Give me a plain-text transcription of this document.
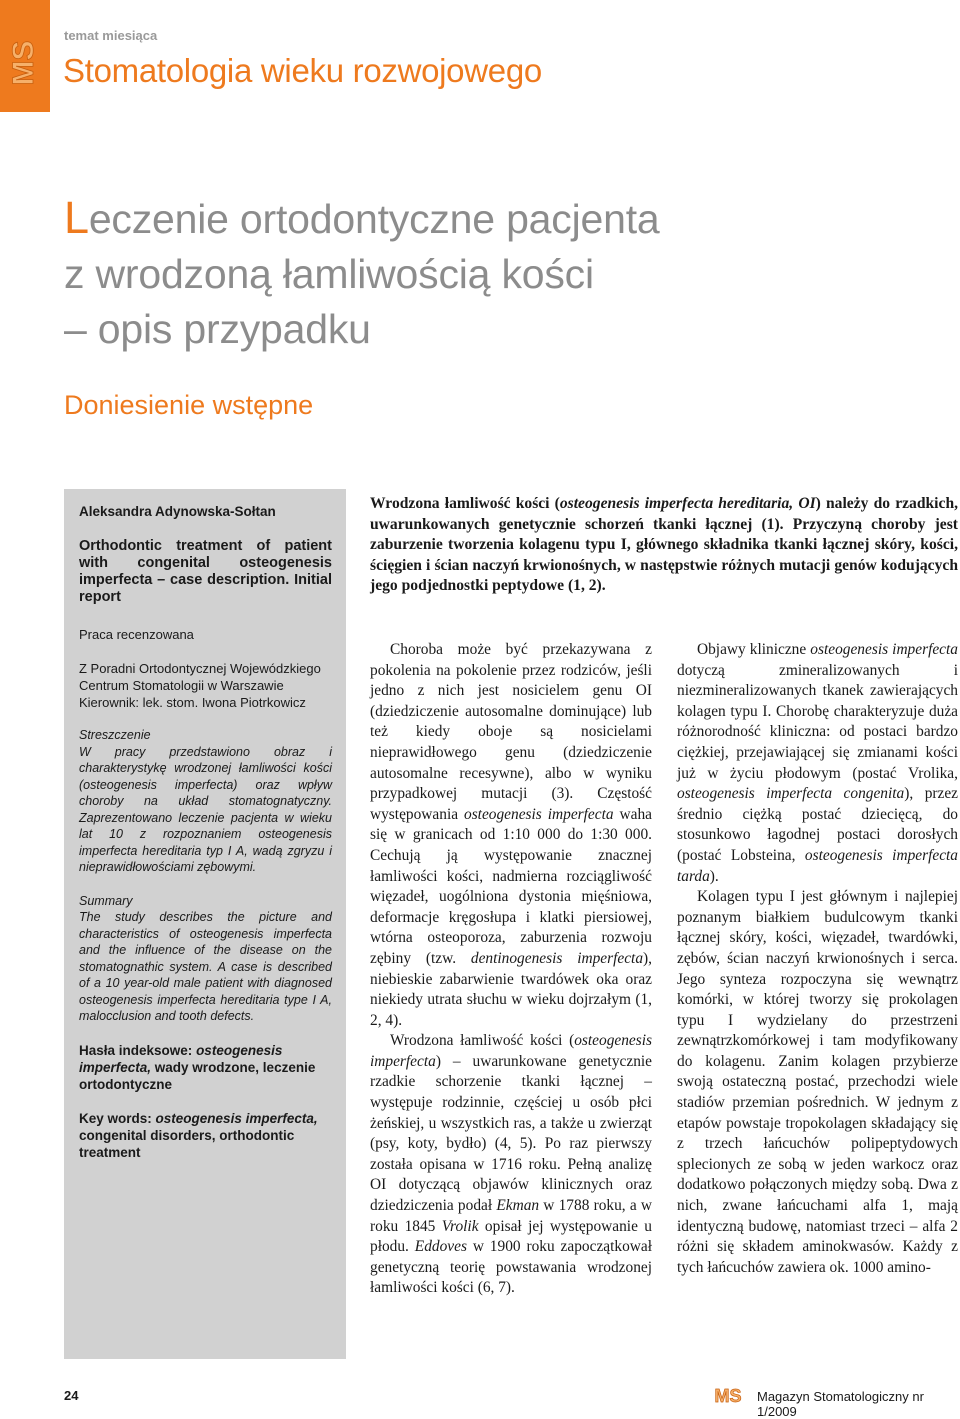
MS
temat miesiąca
Stomatologia wieku rozwojowego
Leczenie ortodontyczne pacjenta
z wrodzoną łamliwością kości
– opis przypadku
Doniesienie wstępne
Aleksandra Adynowska-Sołtan
Orthodontic treatment of patient with congenital osteogenesis imperfecta – case description. Initial report
Praca recenzowana
Z Poradni Ortodontycznej Wojewódzkiego Centrum Stomatologii w Warszawie Kierownik: lek. stom. Iwona Piotrkowicz
Streszczenie
W pracy przedstawiono obraz i charakterystykę wrodzonej łamliwości kości (osteogenesis imperfecta) oraz wpływ choroby na układ stomatognatyczny. Zaprezentowano leczenie pacjenta w wieku lat 10 z rozpoznaniem osteogenesis imperfecta hereditaria typ I A, wadą zgryzu i nieprawidłowościami zębowymi.
Summary
The study describes the picture and characteristics of osteogenesis imperfecta and the influence of the disease on the stomatognathic system. A case is described of a 10 year-old male patient with diagnosed osteogenesis imperfecta hereditaria type I A, malocclusion and tooth defects.
Hasła indeksowe: osteogenesis imperfecta, wady wrodzone, leczenie ortodontyczne
Key words: osteogenesis imperfecta, congenital disorders, orthodontic treatment
Wrodzona łamliwość kości (osteogenesis imperfecta hereditaria, OI) należy do rzadkich, uwarunkowanych genetycznie schorzeń tkanki łącznej (1). Przyczyną choroby jest zaburzenie tworzenia kolagenu typu I, głównego składnika tkanki łącznej skóry, kości, ścięgien i ścian naczyń krwionośnych, w następstwie różnych mutacji genów kodujących jego podjednostki peptydowe (1, 2).

Choroba może być przekazywana z pokolenia na pokolenie przez rodziców, jeśli jedno z nich jest nosicielem genu OI (dziedziczenie autosomalne dominujące) lub też kiedy oboje są nosicielami nieprawidłowego genu (dziedziczenie autosomalne recesywne), albo w wyniku przypadkowej mutacji (3). Częstość występowania osteogenesis imperfecta waha się w granicach od 1:10 000 do 1:30 000. Cechują ją występowanie znacznej łamliwości kości, nadmierna rozciągliwość więzadeł, uogólniona dystonia mięśniowa, deformacje kręgosłupa i klatki piersiowej, wtórna osteoporoza, zaburzenia rozwoju zębiny (tzw. dentinogenesis imperfecta), niebieskie zabarwienie twardówek oka oraz niekiedy utrata słuchu w wieku dojrzałym (1, 2, 4).

Wrodzona łamliwość kości (osteogenesis imperfecta) – uwarunkowane genetycznie rzadkie schorzenie tkanki łącznej – występuje rodzinnie, częściej u osób płci żeńskiej, u wszystkich ras, a także u zwierząt (psy, koty, bydło) (4, 5). Po raz pierwszy została opisana w 1716 roku. Pełną analizę OI dotyczącą objawów klinicznych oraz dziedziczenia podał Ekman w 1788 roku, a w roku 1845 Vrolik opisał jej występowanie u płodu. Eddoves w 1900 roku zapoczątkował genetyczną teorię powstawania wrodzonej łamliwości kości (6, 7).

Objawy kliniczne osteogenesis imperfecta dotyczą zmineralizowanych i niezmineralizowanych tkanek zawierających kolagen typu I. Chorobę charakteryzuje duża różnorodność kliniczna: od postaci bardzo ciężkiej, przejawiającej się zmianami kości już w życiu płodowym (postać Vrolika, osteogenesis imperfecta congenita), przez średnio ciężką postać dziecięcą, do stosunkowo łagodnej postaci dorosłych (postać Lobsteina, osteogenesis imperfecta tarda).

Kolagen typu I jest głównym i najlepiej poznanym białkiem budulcowym tkanki łącznej skóry, kości, więzadeł, twardówki, zębów, ścian naczyń krwionośnych i serca. Jego synteza rozpoczyna się wewnątrz komórki, w której tworzy się prokolagen typu I wydzielany do przestrzeni zewnątrzkomórkowej i tam modyfikowany do kolagenu. Zanim kolagen przybierze swoją ostateczną postać, przechodzi wiele stadiów przemian pośrednich. W jednym z etapów powstaje tropokolagen składający się z trzech łańcuchów polipeptydowych splecionych ze sobą w jeden warkocz oraz dodatkowo połączonych między sobą. Dwa z nich, zwane łańcuchami alfa 1, mają identyczną budowę, natomiast trzeci – alfa 2 różni się składem aminokwasów. Każdy z tych łańcuchów zawiera ok. 1000 amino-

24	MS Magazyn Stomatologiczny nr 1/2009
